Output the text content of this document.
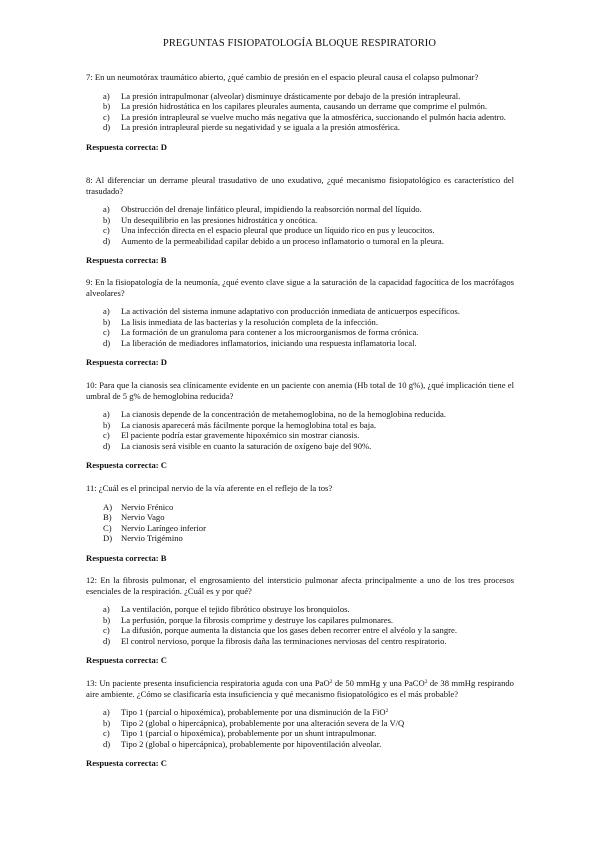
PREGUNTAS FISIOPATOLOGÍA BLOQUE RESPIRATORIO

7: En un neumotórax traumático abierto, ¿qué cambio de presión en el espacio pleural causa el colapso pulmonar?

a) La presión intrapulmonar (alveolar) disminuye drásticamente por debajo de la presión intrapleural.
b) La presión hidrostática en los capilares pleurales aumenta, causando un derrame que comprime el pulmón.
c) La presión intrapleural se vuelve mucho más negativa que la atmosférica, succionando el pulmón hacia adentro.
d) La presión intrapleural pierde su negatividad y se iguala a la presión atmosférica.
Respuesta correcta: D

8: Al diferenciar un derrame pleural trasudativo de uno exudativo, ¿qué mecanismo fisiopatológico es característico del trasudado?

a) Obstrucción del drenaje linfático pleural, impidiendo la reabsorción normal del líquido.
b) Un desequilibrio en las presiones hidrostática y oncótica.
c) Una infección directa en el espacio pleural que produce un líquido rico en pus y leucocitos.
d) Aumento de la permeabilidad capilar debido a un proceso inflamatorio o tumoral en la pleura.
Respuesta correcta: B

9: En la fisiopatología de la neumonía, ¿qué evento clave sigue a la saturación de la capacidad fagocítica de los macrófagos alveolares?

a) La activación del sistema inmune adaptativo con producción inmediata de anticuerpos específicos.
b) La lisis inmediata de las bacterias y la resolución completa de la infección.
c) La formación de un granuloma para contener a los microorganismos de forma crónica.
d) La liberación de mediadores inflamatorios, iniciando una respuesta inflamatoria local.
Respuesta correcta: D

10: Para que la cianosis sea clínicamente evidente en un paciente con anemia (Hb total de 10 g%), ¿qué implicación tiene el umbral de 5 g% de hemoglobina reducida?

a) La cianosis depende de la concentración de metahemoglobina, no de la hemoglobina reducida.
b) La cianosis aparecerá más fácilmente porque la hemoglobina total es baja.
c) El paciente podría estar gravemente hipoxémico sin mostrar cianosis.
d) La cianosis será visible en cuanto la saturación de oxígeno baje del 90%.
Respuesta correcta: C

11: ¿Cuál es el principal nervio de la vía aferente en el reflejo de la tos?

A) Nervio Frénico
B) Nervio Vago
C) Nervio Laríngeo inferior
D) Nervio Trigémino
Respuesta correcta: B

12: En la fibrosis pulmonar, el engrosamiento del intersticio pulmonar afecta principalmente a uno de los tres procesos esenciales de la respiración. ¿Cuál es y por qué?

a) La ventilación, porque el tejido fibrótico obstruye los bronquiolos.
b) La perfusión, porque la fibrosis comprime y destruye los capilares pulmonares.
c) La difusión, porque aumenta la distancia que los gases deben recorrer entre el alvéolo y la sangre.
d) El control nervioso, porque la fibrosis daña las terminaciones nerviosas del centro respiratorio.
Respuesta correcta: C

13: Un paciente presenta insuficiencia respiratoria aguda con una PaO$^2$ de 50 mmHg y una PaCO$^2$ de 38 mmHg respirando aire ambiente. ¿Cómo se clasificaría esta insuficiencia y qué mecanismo fisiopatológico es el más probable?

a) Tipo 1 (parcial o hipoxémica), probablemente por una disminución de la FiO$^2$
b) Tipo 2 (global o hipercápnica), probablemente por una alteración severa de la V/Q
c) Tipo 1 (parcial o hipoxémica), probablemente por un shunt intrapulmonar.
d) Tipo 2 (global o hipercápnica), probablemente por hipoventilación alveolar.
Respuesta correcta: C
